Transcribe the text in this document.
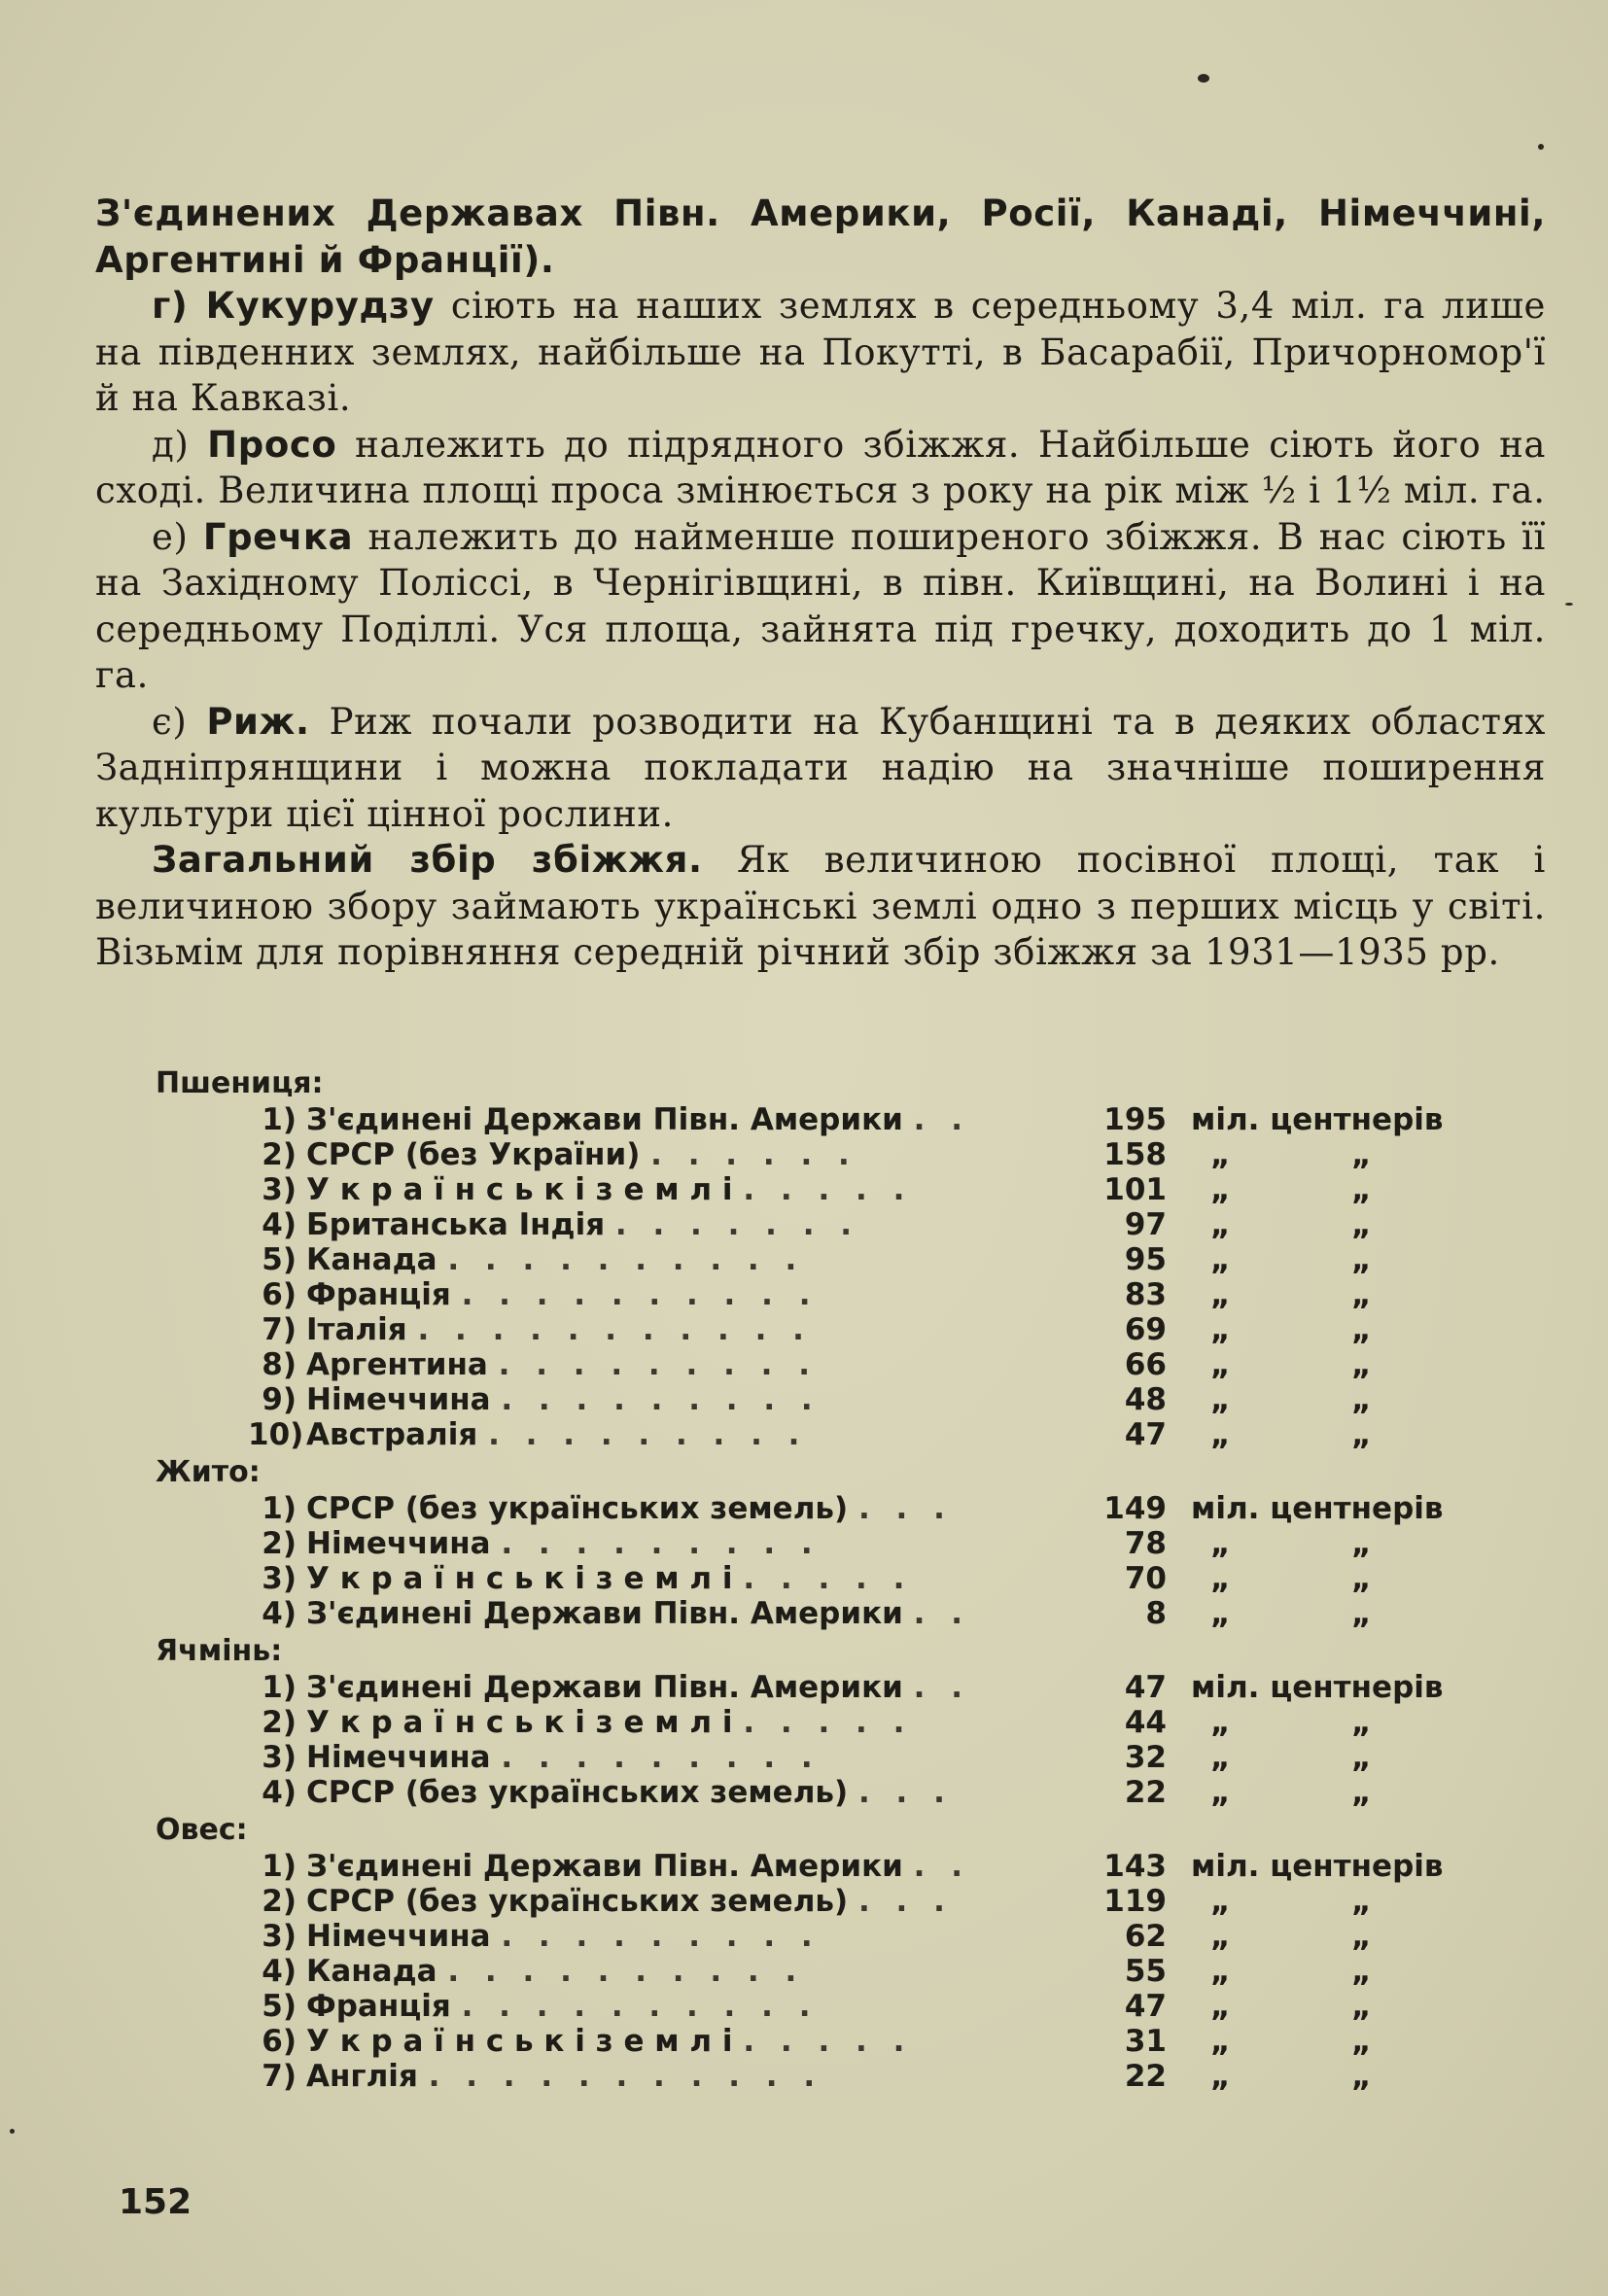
З'єдинених Державах Півн. Америки, Росії, Канаді, Німеччині, Аргентині й Франції).

г) Кукурудзу сіють на наших землях в середньому 3,4 міл. га лише на південних землях, найбільше на Покутті, в Басарабії, Причорномор'ї й на Кавказі.

д) Просо належить до підрядного збіжжя. Найбільше сіють його на сході. Величина площі проса змінюється з року на рік між ½ і 1½ міл. га.

е) Гречка належить до найменше поширеного збіжжя. В нас сіють її на Західному Поліссі, в Чернігівщині, в півн. Київщині, на Волині і на середньому Поділлі. Уся площа, зайнята під гречку, доходить до 1 міл. га.

є) Риж. Риж почали розводити на Кубанщині та в деяких областях Задніпрянщини і можна покладати надію на значніше поширення культури цієї цінної рослини.

Загальний збір збіжжя. Як величиною посівної площі, так і величиною збору займають українські землі одно з перших місць у світі. Візьмім для порівняння середній річний збір збіжжя за 1931—1935 рр.

Пшениця:
1) З'єдинені Держави Півн. Америки . .	195 міл. центнерів
2) СРСР (без України) . . . . . .	158 „	„
3) У к р а ї н с ь к і з е м л і . . . . .	101 „	„
4) Британська Індія . . . . . . .	97 „	„
5) Канада . . . . . . . . . .	95 „	„
6) Франція . . . . . . . . . .	83 „	„
7) Італія . . . . . . . . . . .	69 „	„
8) Аргентина . . . . . . . . .	66 „	„
9) Німеччина . . . . . . . . .	48 „	„
10) Австралія . . . . . . . . .	47 „	„
Жито:
1) СРСР (без українських земель) . . .	149 міл. центнерів
2) Німеччина . . . . . . . . .	78 „	„
3) У к р а ї н с ь к і з е м л і . . . . .	70 „	„
4) З'єдинені Держави Півн. Америки . .	8 „	„
Ячмінь:
1) З'єдинені Держави Півн. Америки . .	47 міл. центнерів
2) У к р а ї н с ь к і з е м л і . . . . .	44 „	„
3) Німеччина . . . . . . . . .	32 „	„
4) СРСР (без українських земель) . . .	22 „	„
Овес:
1) З'єдинені Держави Півн. Америки . .	143 міл. центнерів
2) СРСР (без українських земель) . . .	119 „	„
3) Німеччина . . . . . . . . .	62 „	„
4) Канада . . . . . . . . . .	55 „	„
5) Франція . . . . . . . . . .	47 „	„
6) У к р а ї н с ь к і з е м л і . . . . .	31 „	„
7) Англія . . . . . . . . . . .	22 „	„
152
